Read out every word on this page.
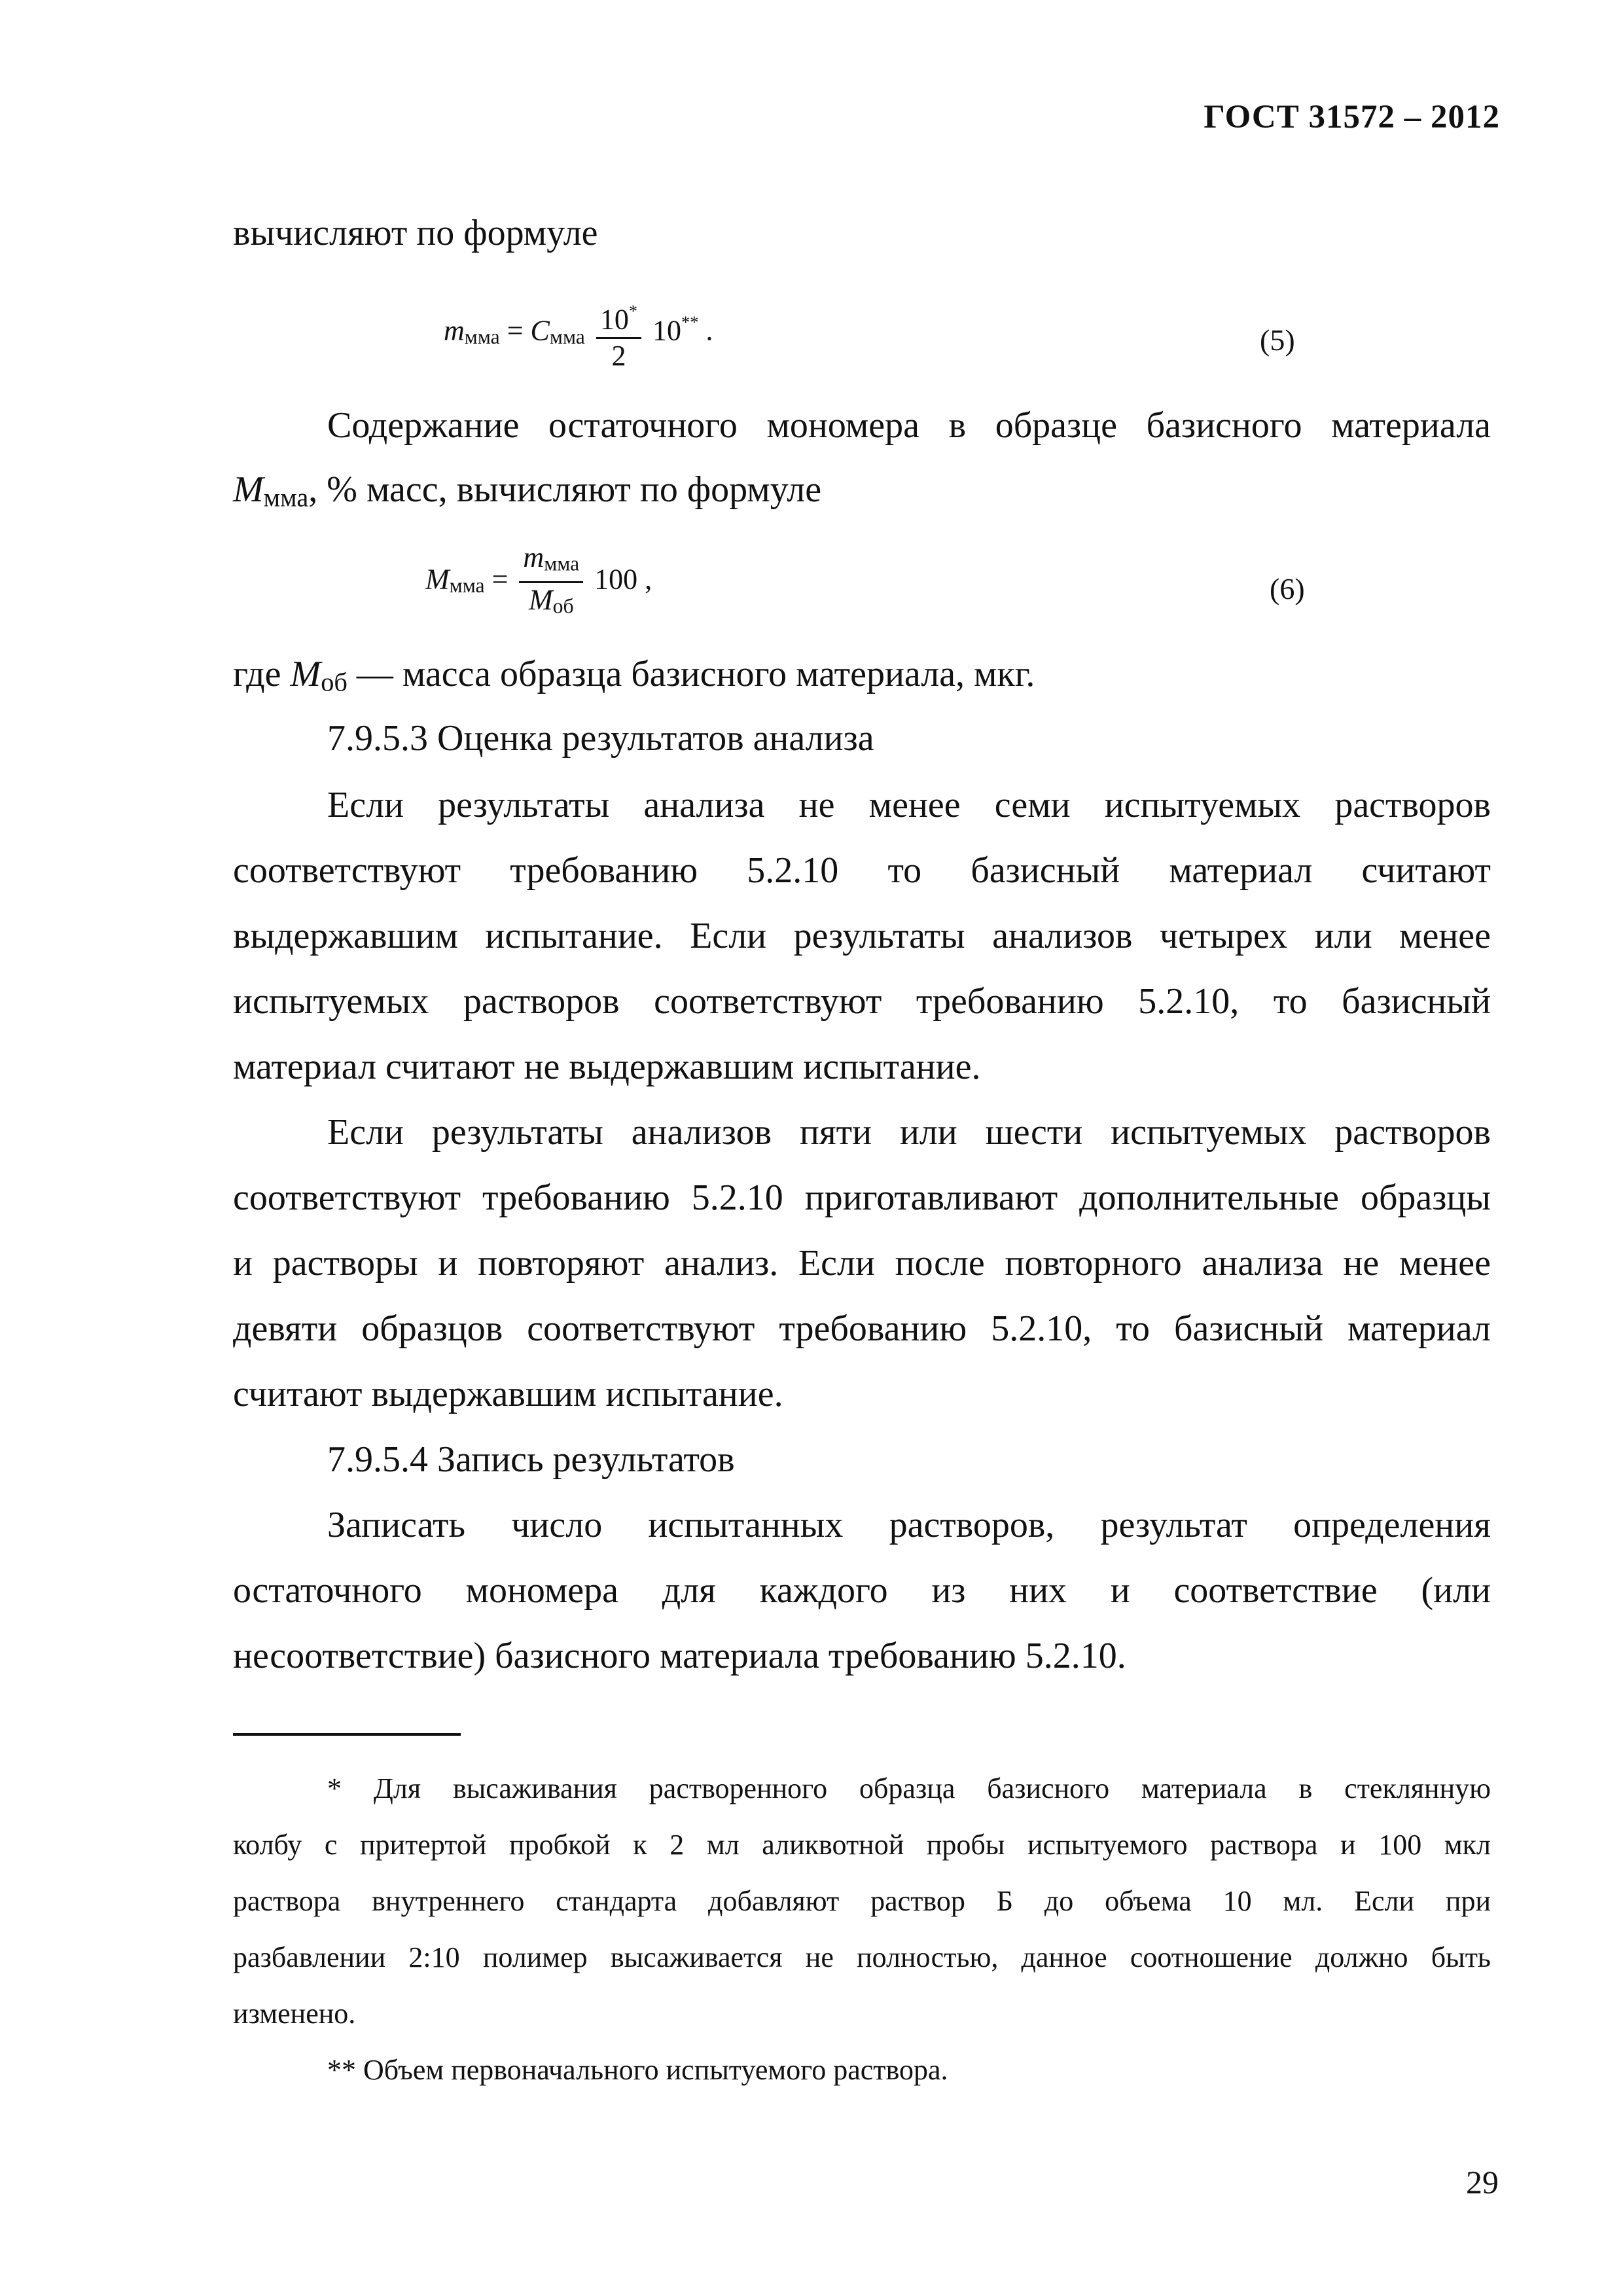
ГОСТ 31572 – 2012
вычисляют по формуле
mмма = Cмма $\frac{10^*}{2} 10^{**}$ .	(5)
Содержание остаточного мономера в образце базисного материала
Mмма, % масс, вычисляют по формуле
Mмма = $\frac{\text{mмма}}{\text{Mоб}} 100$ ,	(6)
где Mоб — масса образца базисного материала, мкг.
7.9.5.3 Оценка результатов анализа
Если результаты анализа не менее семи испытуемых растворов
соответствуют требованию 5.2.10 то базисный материал считают
выдержавшим испытание. Если результаты анализов четырех или менее
испытуемых растворов соответствуют требованию 5.2.10, то базисный
материал считают не выдержавшим испытание.
Если результаты анализов пяти или шести испытуемых растворов
соответствуют требованию 5.2.10 приготавливают дополнительные образцы
и растворы и повторяют анализ. Если после повторного анализа не менее
девяти образцов соответствуют требованию 5.2.10, то базисный материал
считают выдержавшим испытание.
7.9.5.4 Запись результатов
Записать число испытанных растворов, результат определения
остаточного мономера для каждого из них и соответствие (или
несоответствие) базисного материала требованию 5.2.10.
* Для высаживания растворенного образца базисного материала в стеклянную
колбу с притертой пробкой к 2 мл аликвотной пробы испытуемого раствора и 100 мкл
раствора внутреннего стандарта добавляют раствор Б до объема 10 мл. Если при
разбавлении 2:10 полимер высаживается не полностью, данное соотношение должно быть
изменено.
** Объем первоначального испытуемого раствора.
29
